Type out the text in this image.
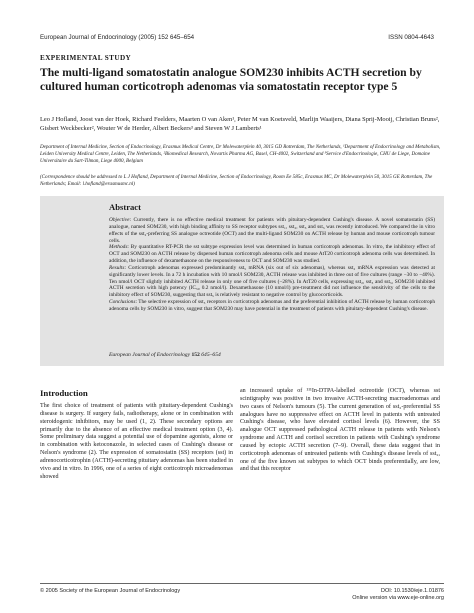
European Journal of Endocrinology (2005) 152 645–654	ISSN 0804-4643
EXPERIMENTAL STUDY
The multi-ligand somatostatin analogue SOM230 inhibits ACTH secretion by cultured human corticotroph adenomas via somatostatin receptor type 5
Leo J Hofland, Joost van der Hoek, Richard Feelders, Maarten O van Aken¹, Peter M van Koetsveld, Marlijn Waaijers, Diana Sprij-Mooij, Christian Bruns², Gisbert Weckbecker², Wouter W de Herder, Albert Beckers³ and Steven W J Lamberts¹
Department of Internal Medicine, Section of Endocrinology, Erasmus Medical Centre, Dr Molewaterplein 40, 3015 GD Rotterdam, The Netherlands, ¹Department of Endocrinology and Metabolism, Leiden University Medical Centre, Leiden, The Netherlands, ²Biomedical Research, Novartis Pharma AG, Basel, CH-4002, Switzerland and ³Service d'Endocrinologie, CHU de Liege, Domaine Universitaire du Sart-Tilman, Liege 4000, Belgium
(Correspondence should be addressed to L J Hofland, Department of Internal Medicine, Section of Endocrinology, Room Ee 585c, Erasmus MC, Dr Molewaterplein 50, 3015 GE Rotterdam, The Netherlands; Email: l.hofland@erasmusmc.nl)
Abstract

Objective: Currently, there is no effective medical treatment for patients with pituitary-dependent Cushing's disease. A novel somatostatin (SS) analogue, named SOM230, with high binding affinity to SS receptor subtypes sst₁, sst₂, sst₃ and sst₅ was recently introduced. We compared the in vitro effects of the sst₂-preferring SS analogue octreotide (OCT) and the multi-ligand SOM230 on ACTH release by human and mouse corticotroph tumour cells.

Methods: By quantitative RT-PCR the sst subtype expression level was determined in human corticotroph adenomas. In vitro, the inhibitory effect of OCT and SOM230 on ACTH release by dispersed human corticotroph adenoma cells and mouse AtT20 corticotroph adenoma cells was determined. In addition, the influence of dexamethasone on the responsiveness to OCT and SOM230 was studied.

Results: Corticotroph adenomas expressed predominantly sst₅ mRNA (six out of six adenomas), whereas sst₂ mRNA expression was detected at significantly lower levels. In a 72 h incubation with 10 nmol/l SOM230, ACTH release was inhibited in three out of five cultures (range −30 to −40%). Ten nmol/l OCT slightly inhibited ACTH release in only one of five cultures (−28%). In AtT20 cells, expressing sst₂, sst₃ and sst₅, SOM230 inhibited ACTH secretion with high potency (IC₅₀ 0.2 nmol/l). Dexamethasone (10 nmol/l) pre-treatment did not influence the sensitivity of the cells to the inhibitory effect of SOM230, suggesting that sst₅ is relatively resistant to negative control by glucocorticoids.

Conclusions: The selective expression of sst₅ receptors in corticotroph adenomas and the preferential inhibition of ACTH release by human corticotroph adenoma cells by SOM230 in vitro, suggest that SOM230 may have potential in the treatment of patients with pituitary-dependent Cushing's disease.

European Journal of Endocrinology 152 645–654
Introduction

The first choice of treatment of patients with pituitary-dependent Cushing's disease is surgery. If surgery fails, radiotherapy, alone or in combination with steroidogenic inhibitors, may be used (1, 2). These secondary options are primarily due to the absence of an effective medical treatment option (3, 4). Some preliminary data suggest a potential use of dopamine agonists, alone or in combination with ketoconazole, in selected cases of Cushing's disease or Nelson's syndrome (2). The expression of somatostatin (SS) receptors (sst) in adrenocorticotrophin (ACTH)-secreting pituitary adenomas has been studied in vivo and in vitro. In 1996, one of a series of eight corticotroph microadenomas showed

an increased uptake of ¹¹¹In-DTPA-labelled octreotide (OCT), whereas sst scintigraphy was positive in two invasive ACTH-secreting macroadenomas and two cases of Nelson's tumours (5). The current generation of sst₂-preferential SS analogues have no suppressive effect on ACTH level in patients with untreated Cushing's disease, who have elevated cortisol levels (6). However, the SS analogue OCT suppressed pathological ACTH release in patients with Nelson's syndrome and ACTH and cortisol secretion in patients with Cushing's syndrome caused by ectopic ACTH secretion (7–9). Overall, these data suggest that in corticotroph adenomas of untreated patients with Cushing's disease levels of sst₂, one of the five known sst subtypes to which OCT binds preferentially, are low, and that this receptor

© 2005 Society of the European Journal of Endocrinology	DOI: 10.1530/eje.1.01876
Online version via www.eje-online.org
